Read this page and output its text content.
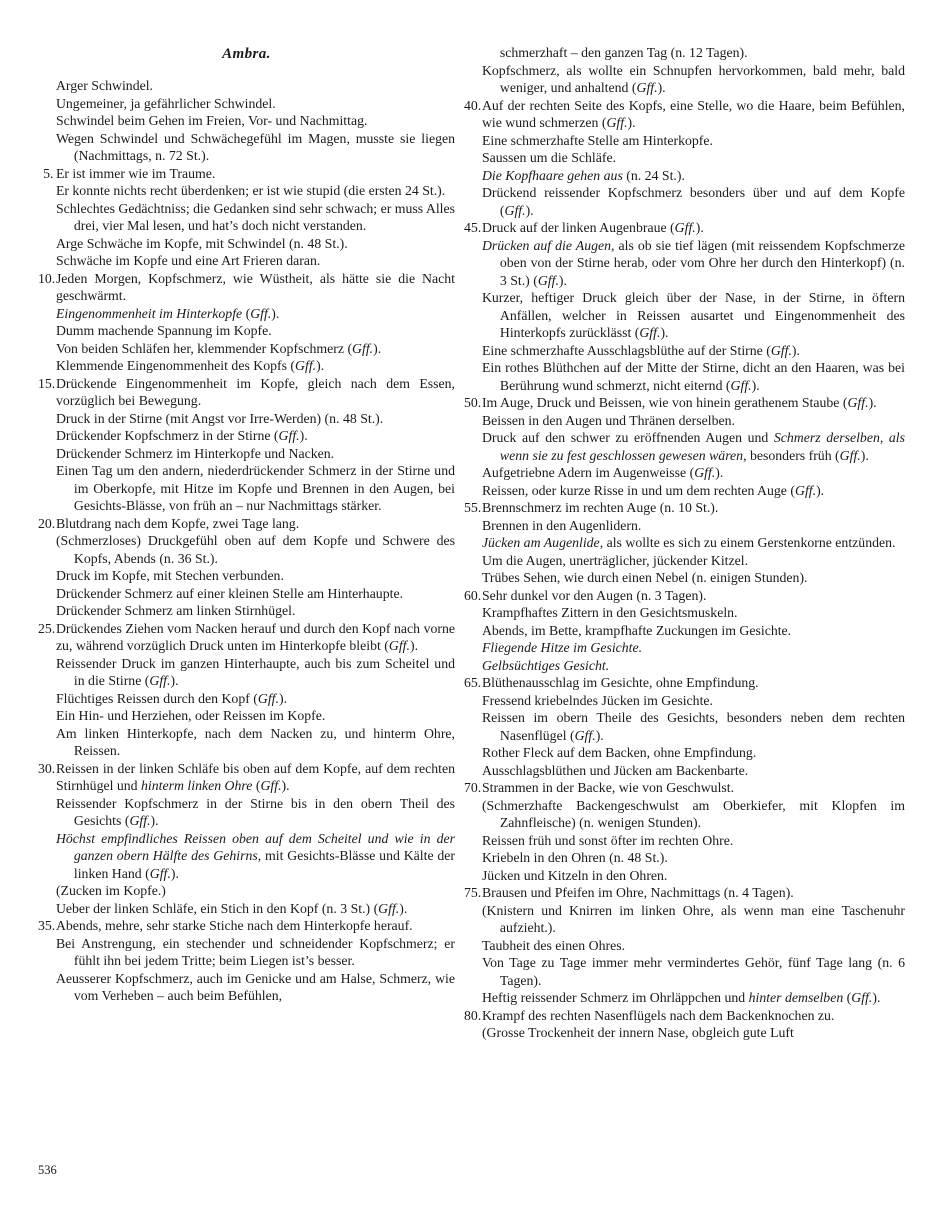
Ambra.

Arger Schwindel.

Ungemeiner, ja gefährlicher Schwindel.

Schwindel beim Gehen im Freien, Vor- und Nachmittag.

Wegen Schwindel und Schwächegefühl im Magen, musste sie liegen (Nachmittags, n. 72 St.).

5. Er ist immer wie im Traume.

Er konnte nichts recht überdenken; er ist wie stupid (die ersten 24 St.).

Schlechtes Gedächtniss; die Gedanken sind sehr schwach; er muss Alles drei, vier Mal lesen, und hat’s doch nicht verstanden.

Arge Schwäche im Kopfe, mit Schwindel (n. 48 St.).

Schwäche im Kopfe und eine Art Frieren daran.

10. Jeden Morgen, Kopfschmerz, wie Wüstheit, als hätte sie die Nacht geschwärmt.

Eingenommenheit im Hinterkopfe (Gff.).

Dumm machende Spannung im Kopfe.

Von beiden Schläfen her, klemmender Kopfschmerz (Gff.).

Klemmende Eingenommenheit des Kopfs (Gff.).

15. Drückende Eingenommenheit im Kopfe, gleich nach dem Essen, vorzüglich bei Bewegung.

Druck in der Stirne (mit Angst vor Irre-Werden) (n. 48 St.).

Drückender Kopfschmerz in der Stirne (Gff.).

Drückender Schmerz im Hinterkopfe und Nacken.

Einen Tag um den andern, niederdrückender Schmerz in der Stirne und im Oberkopfe, mit Hitze im Kopfe und Brennen in den Augen, bei Gesichts-Blässe, von früh an – nur Nachmittags stärker.

20. Blutdrang nach dem Kopfe, zwei Tage lang.

(Schmerzloses) Druckgefühl oben auf dem Kopfe und Schwere des Kopfs, Abends (n. 36 St.).

Druck im Kopfe, mit Stechen verbunden.

Drückender Schmerz auf einer kleinen Stelle am Hinterhaupte.

Drückender Schmerz am linken Stirnhügel.

25. Drückendes Ziehen vom Nacken herauf und durch den Kopf nach vorne zu, während vorzüglich Druck unten im Hinterkopfe bleibt (Gff.).

Reissender Druck im ganzen Hinterhaupte, auch bis zum Scheitel und in die Stirne (Gff.).

Flüchtiges Reissen durch den Kopf (Gff.).

Ein Hin- und Herziehen, oder Reissen im Kopfe.

Am linken Hinterkopfe, nach dem Nacken zu, und hinterm Ohre, Reissen.

30. Reissen in der linken Schläfe bis oben auf dem Kopfe, auf dem rechten Stirnhügel und hinterm linken Ohre (Gff.).

Reissender Kopfschmerz in der Stirne bis in den obern Theil des Gesichts (Gff.).

Höchst empfindliches Reissen oben auf dem Scheitel und wie in der ganzen obern Hälfte des Gehirns, mit Gesichts-Blässe und Kälte der linken Hand (Gff.).

(Zucken im Kopfe.)

Ueber der linken Schläfe, ein Stich in den Kopf (n. 3 St.) (Gff.).

35. Abends, mehre, sehr starke Stiche nach dem Hinterkopfe herauf.

Bei Anstrengung, ein stechender und schneidender Kopfschmerz; er fühlt ihn bei jedem Tritte; beim Liegen ist’s besser.

Aeusserer Kopfschmerz, auch im Genicke und am Halse, Schmerz, wie vom Verheben – auch beim Befühlen,

schmerzhaft – den ganzen Tag (n. 12 Tagen).

Kopfschmerz, als wollte ein Schnupfen hervorkommen, bald mehr, bald weniger, und anhaltend (Gff.).

40. Auf der rechten Seite des Kopfs, eine Stelle, wo die Haare, beim Befühlen, wie wund schmerzen (Gff.).

Eine schmerzhafte Stelle am Hinterkopfe.

Saussen um die Schläfe.

Die Kopfhaare gehen aus (n. 24 St.).

Drückend reissender Kopfschmerz besonders über und auf dem Kopfe (Gff.).

45. Druck auf der linken Augenbraue (Gff.).

Drücken auf die Augen, als ob sie tief lägen (mit reissendem Kopfschmerze oben von der Stirne herab, oder vom Ohre her durch den Hinterkopf) (n. 3 St.) (Gff.).

Kurzer, heftiger Druck gleich über der Nase, in der Stirne, in öftern Anfällen, welcher in Reissen ausartet und Eingenommenheit des Hinterkopfs zurücklässt (Gff.).

Eine schmerzhafte Ausschlagsblüthe auf der Stirne (Gff.).

Ein rothes Blüthchen auf der Mitte der Stirne, dicht an den Haaren, was bei Berührung wund schmerzt, nicht eiternd (Gff.).

50. Im Auge, Druck und Beissen, wie von hinein gerathenem Staube (Gff.).

Beissen in den Augen und Thränen derselben.

Druck auf den schwer zu eröffnenden Augen und Schmerz derselben, als wenn sie zu fest geschlossen gewesen wären, besonders früh (Gff.).

Aufgetriebne Adern im Augenweisse (Gff.).

Reissen, oder kurze Risse in und um dem rechten Auge (Gff.).

55. Brennschmerz im rechten Auge (n. 10 St.).

Brennen in den Augenlidern.

Jücken am Augenlide, als wollte es sich zu einem Gerstenkorne entzünden.

Um die Augen, unerträglicher, jückender Kitzel.

Trübes Sehen, wie durch einen Nebel (n. einigen Stunden).

60. Sehr dunkel vor den Augen (n. 3 Tagen).

Krampfhaftes Zittern in den Gesichtsmuskeln.

Abends, im Bette, krampfhafte Zuckungen im Gesichte.

Fliegende Hitze im Gesichte.

Gelbsüchtiges Gesicht.

65. Blüthenausschlag im Gesichte, ohne Empfindung.

Fressend kriebelndes Jücken im Gesichte.

Reissen im obern Theile des Gesichts, besonders neben dem rechten Nasenflügel (Gff.).

Rother Fleck auf dem Backen, ohne Empfindung.

Ausschlagsblüthen und Jücken am Backenbarte.

70. Strammen in der Backe, wie von Geschwulst.

(Schmerzhafte Backengeschwulst am Oberkiefer, mit Klopfen im Zahnfleische) (n. wenigen Stunden).

Reissen früh und sonst öfter im rechten Ohre.

Kriebeln in den Ohren (n. 48 St.).

Jücken und Kitzeln in den Ohren.

75. Brausen und Pfeifen im Ohre, Nachmittags (n. 4 Tagen).

(Knistern und Knirren im linken Ohre, als wenn man eine Taschenuhr aufzieht.).

Taubheit des einen Ohres.

Von Tage zu Tage immer mehr vermindertes Gehör, fünf Tage lang (n. 6 Tagen).

Heftig reissender Schmerz im Ohrläppchen und hinter demselben (Gff.).

80. Krampf des rechten Nasenflügels nach dem Backenknochen zu.

(Grosse Trockenheit der innern Nase, obgleich gute Luft

536
